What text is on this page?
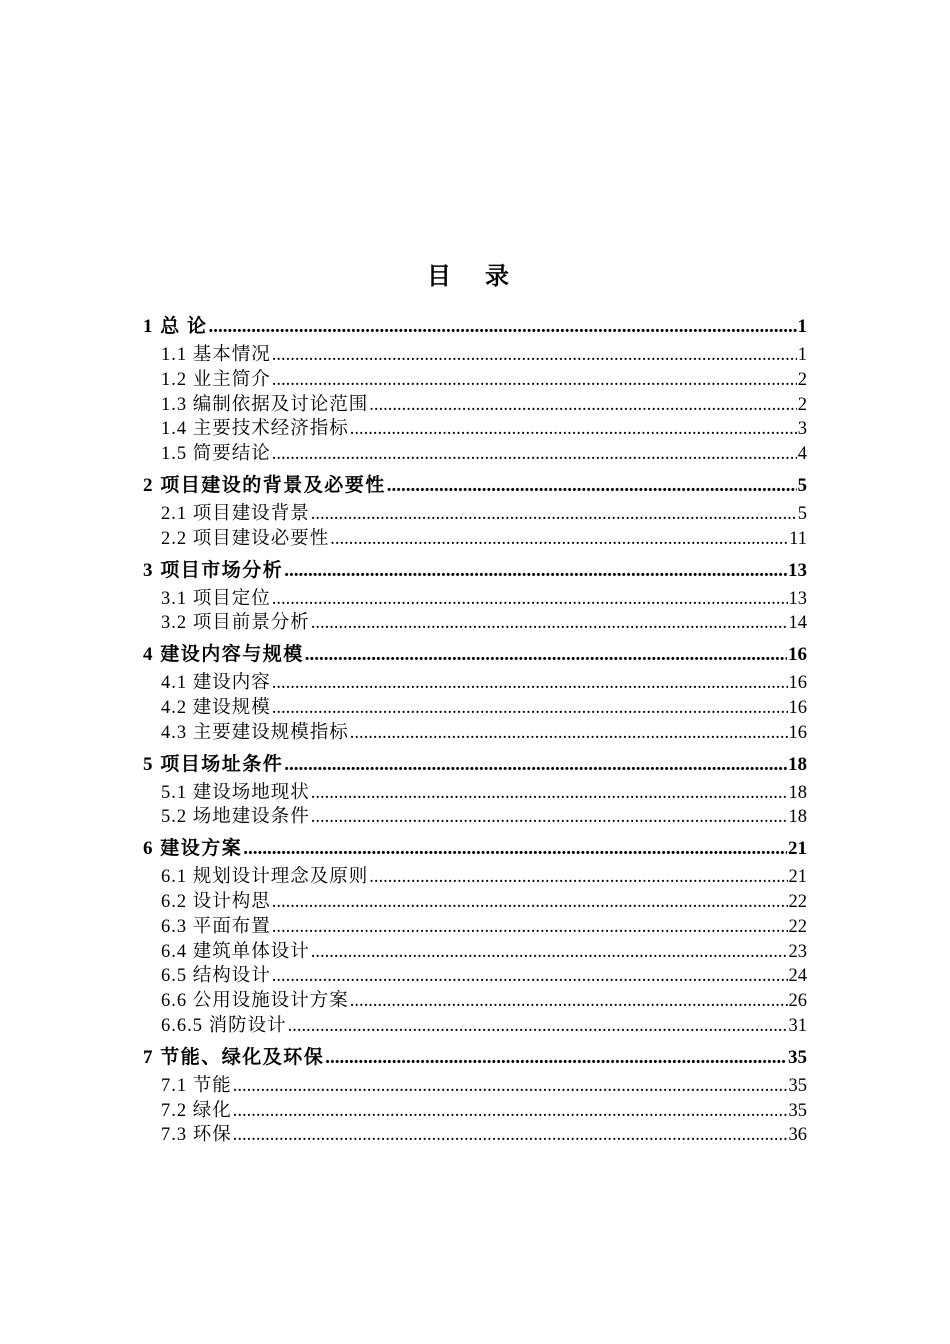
目 录
1 总 论 .....	1
1.1 基本情况 .....	1
1.2 业主简介 .....	2
1.3 编制依据及讨论范围 .....	2
1.4 主要技术经济指标 .....	3
1.5 简要结论 .....	4
2 项目建设的背景及必要性 .....	5
2.1 项目建设背景 .....	5
2.2 项目建设必要性 .....	11
3 项目市场分析 .....	13
3.1 项目定位 .....	13
3.2 项目前景分析 .....	14
4 建设内容与规模 .....	16
4.1 建设内容 .....	16
4.2 建设规模 .....	16
4.3 主要建设规模指标 .....	16
5 项目场址条件 .....	18
5.1 建设场地现状 .....	18
5.2 场地建设条件 .....	18
6 建设方案 .....	21
6.1 规划设计理念及原则 .....	21
6.2 设计构思 .....	22
6.3 平面布置 .....	22
6.4 建筑单体设计 .....	23
6.5 结构设计 .....	24
6.6 公用设施设计方案 .....	26
6.6.5 消防设计 .....	31
7 节能、绿化及环保 .....	35
7.1 节能 .....	35
7.2 绿化 .....	35
7.3 环保 .....	36
